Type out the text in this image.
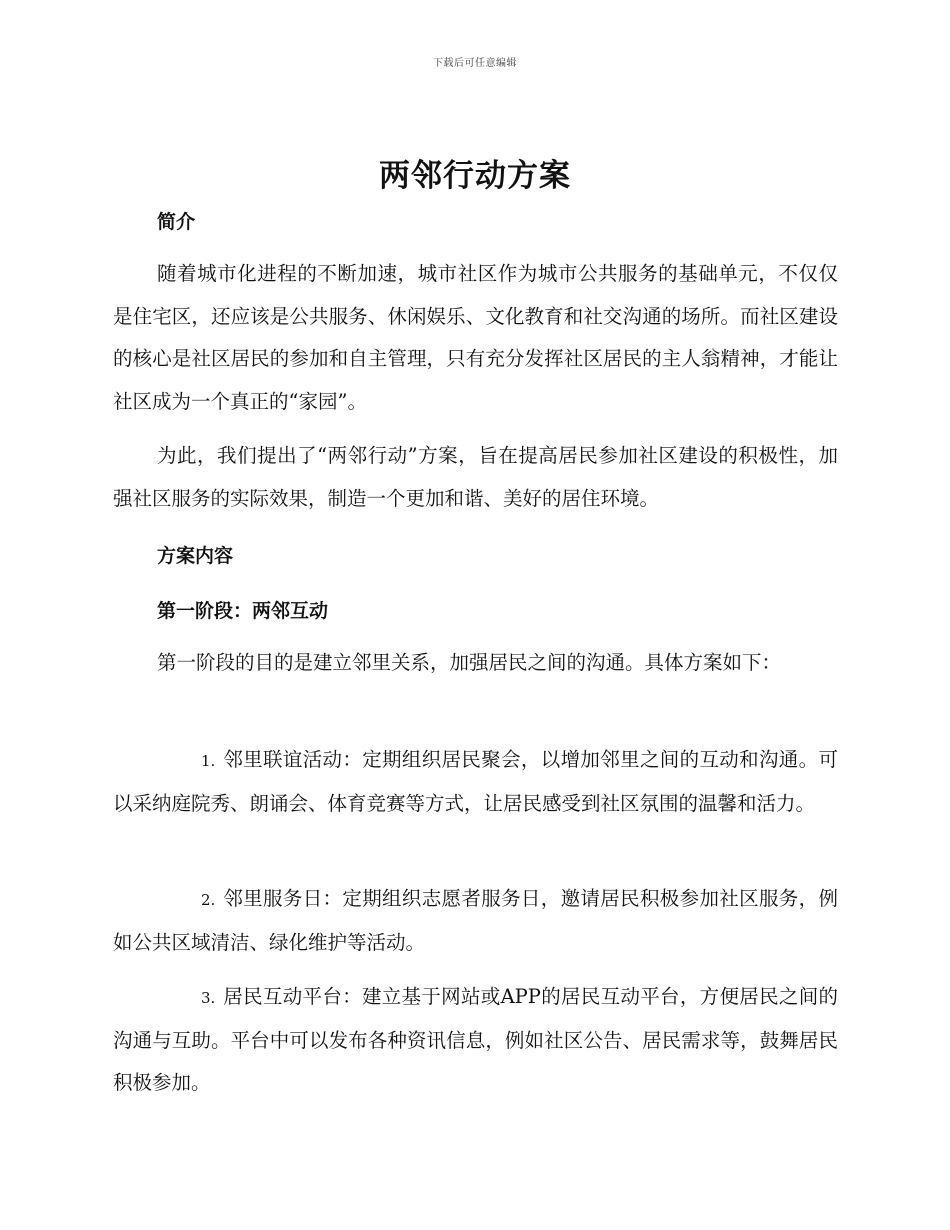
下载后可任意编辑
两邻行动方案
简介

随着城市化进程的不断加速，城市社区作为城市公共服务的基础单元，不仅仅是住宅区，还应该是公共服务、休闲娱乐、文化教育和社交沟通的场所。而社区建设的核心是社区居民的参加和自主管理，只有充分发挥社区居民的主人翁精神，才能让社区成为一个真正的“家园”。

为此，我们提出了“两邻行动”方案，旨在提高居民参加社区建设的积极性，加强社区服务的实际效果，制造一个更加和谐、美好的居住环境。

方案内容
第一阶段：两邻互动

第一阶段的目的是建立邻里关系，加强居民之间的沟通。具体方案如下：

1. 邻里联谊活动：定期组织居民聚会，以增加邻里之间的互动和沟通。可以采纳庭院秀、朗诵会、体育竞赛等方式，让居民感受到社区氛围的温馨和活力。

2. 邻里服务日：定期组织志愿者服务日，邀请居民积极参加社区服务，例如公共区域清洁、绿化维护等活动。

3. 居民互动平台：建立基于网站或APP的居民互动平台，方便居民之间的沟通与互助。平台中可以发布各种资讯信息，例如社区公告、居民需求等，鼓舞居民积极参加。
